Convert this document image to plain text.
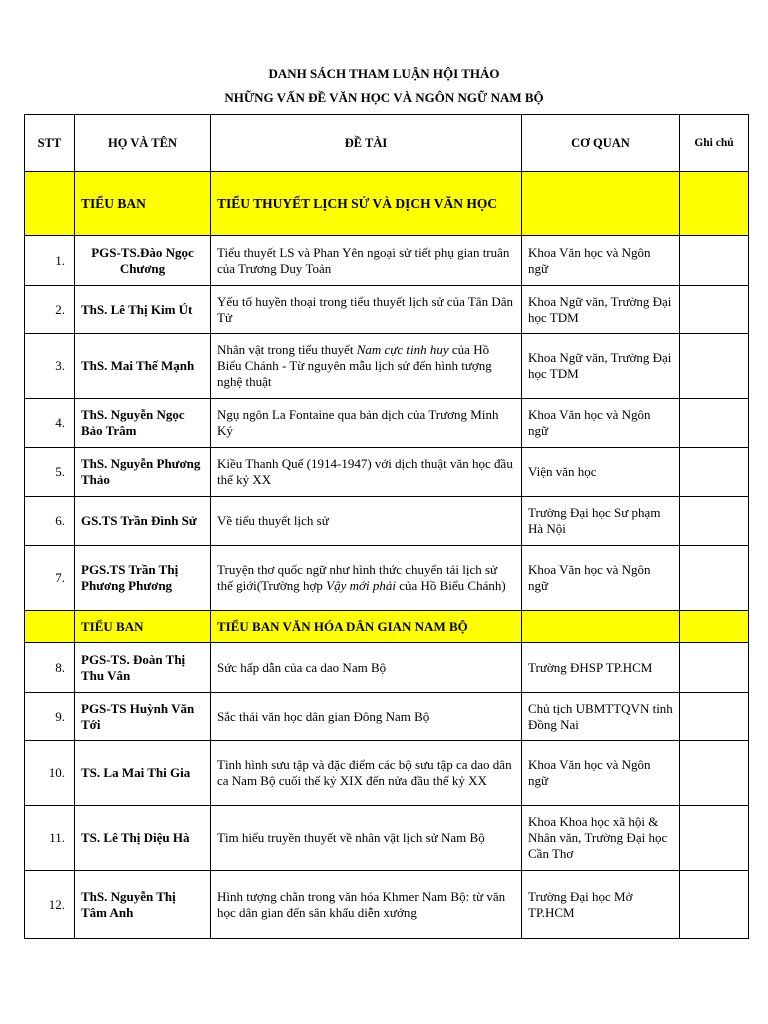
DANH SÁCH THAM LUẬN HỘI THẢO
NHỮNG VẤN ĐỀ VĂN HỌC VÀ NGÔN NGỮ NAM BỘ
STT	HỌ VÀ TÊN	ĐỀ TÀI	CƠ QUAN	Ghi chú
	TIỂU BAN	TIỂU THUYẾT LỊCH SỬ VÀ DỊCH VĂN HỌC		
1.	PGS-TS.Đào Ngọc Chương	Tiểu thuyết LS và Phan Yên ngoại sử tiết phụ gian truân của Trương Duy Toản	Khoa Văn học và Ngôn ngữ	
2.	ThS. Lê Thị Kim Út	Yếu tố huyền thoại trong tiểu thuyết lịch sử của Tân Dân Tử	Khoa Ngữ văn, Trường Đại học TDM	
3.	ThS. Mai Thế Mạnh	Nhân vật trong tiểu thuyết Nam cực tinh huy của Hồ Biểu Chánh - Từ nguyên mẫu lịch sử đến hình tượng nghệ thuật	Khoa Ngữ văn, Trường Đại học TDM	
4.	ThS. Nguyễn Ngọc Bảo Trâm	Ngụ ngôn La Fontaine qua bản dịch của Trương Minh Ký	Khoa Văn học và Ngôn ngữ	
5.	ThS. Nguyễn Phương Thảo	Kiều Thanh Quế (1914-1947) với dịch thuật văn học đầu thế kỷ XX	Viện văn học	
6.	GS.TS Trần Đình Sử	Về tiểu thuyết lịch sử	Trường Đại học Sư phạm Hà Nội	
7.	PGS.TS Trần Thị Phương Phương	Truyện thơ quốc ngữ như hình thức chuyển tải lịch sử thế giới(Trường hợp Vậy mới phải của Hồ Biểu Chánh)	Khoa Văn học và Ngôn ngữ	
	TIỂU BAN	TIỂU BAN VĂN HÓA DÂN GIAN NAM BỘ		
8.	PGS-TS. Đoàn Thị Thu Vân	Sức hấp dẫn của ca dao Nam Bộ	Trường ĐHSP TP.HCM	
9.	PGS-TS Huỳnh Văn Tới	Sắc thái văn học dân gian Đông Nam Bộ	Chủ tịch UBMTTQVN tỉnh Đồng Nai	
10.	TS. La Mai Thi Gia	Tình hình sưu tập và đặc điểm các bộ sưu tập ca dao dân ca Nam Bộ cuối thế kỷ XIX đến nửa đầu thế kỷ XX	Khoa Văn học và Ngôn ngữ	
11.	TS. Lê Thị Diệu Hà	Tìm hiểu truyền thuyết về nhân vật lịch sử Nam Bộ	Khoa Khoa học xã hội & Nhân văn, Trường Đại học Cần Thơ	
12.	ThS. Nguyễn Thị Tâm Anh	Hình tượng chằn trong văn hóa Khmer Nam Bộ: từ văn học dân gian đến sân khấu diễn xướng	Trường Đại học Mở TP.HCM	
